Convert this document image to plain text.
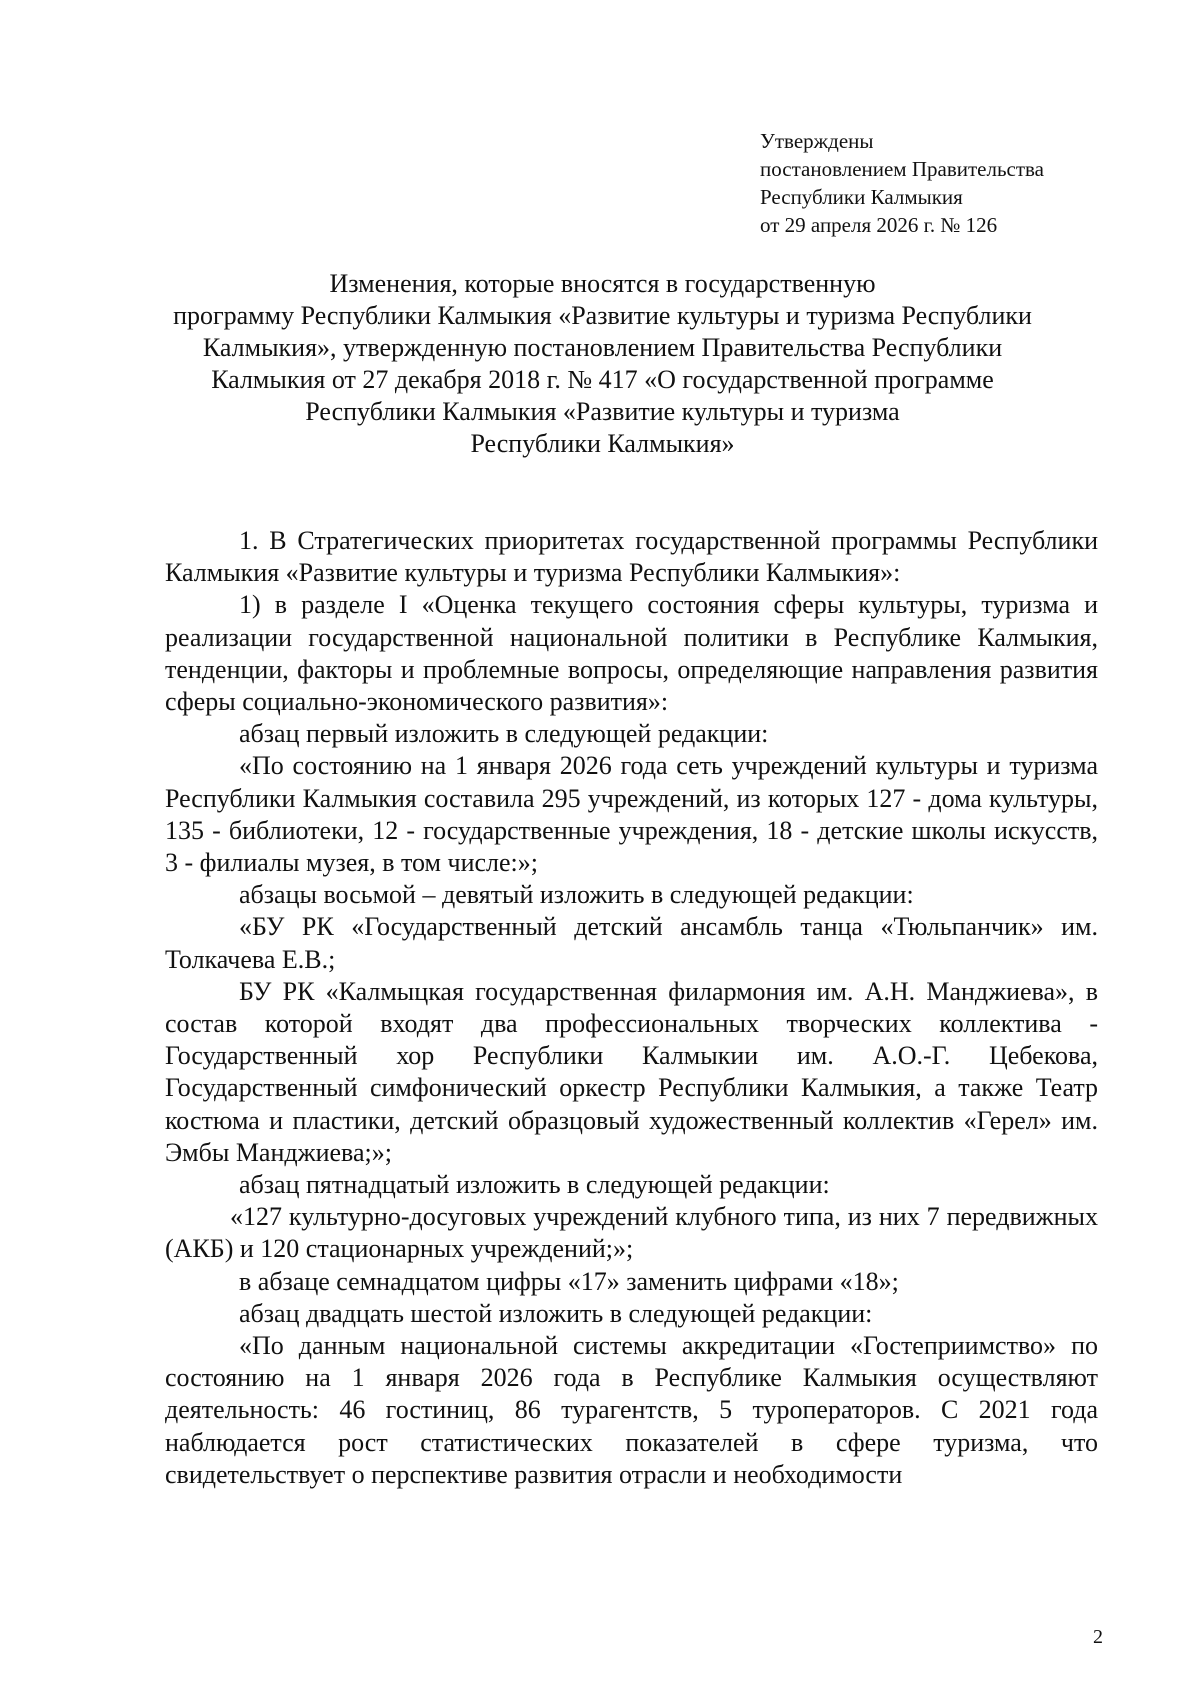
Утверждены
постановлением Правительства
Республики Калмыкия
от 29 апреля 2026 г. № 126
Изменения, которые вносятся в государственную
программу Республики Калмыкия «Развитие культуры и туризма Республики
Калмыкия», утвержденную постановлением Правительства Республики
Калмыкия от 27 декабря 2018 г. № 417 «О государственной программе
Республики Калмыкия «Развитие культуры и туризма
Республики Калмыкия»

1. В Стратегических приоритетах государственной программы Республики Калмыкия «Развитие культуры и туризма Республики Калмыкия»:

1) в разделе I «Оценка текущего состояния сферы культуры, туризма и реализации государственной национальной политики в Республике Калмыкия, тенденции, факторы и проблемные вопросы, определяющие направления развития сферы социально-экономического развития»:

абзац первый изложить в следующей редакции:

«По состоянию на 1 января 2026 года сеть учреждений культуры и туризма Республики Калмыкия составила 295 учреждений, из которых 127 - дома культуры, 135 - библиотеки, 12 - государственные учреждения, 18 - детские школы искусств, 3 - филиалы музея, в том числе:»;

абзацы восьмой – девятый изложить в следующей редакции:

«БУ РК «Государственный детский ансамбль танца «Тюльпанчик» им. Толкачева Е.В.;

БУ РК «Калмыцкая государственная филармония им. А.Н. Манджиева», в состав которой входят два профессиональных творческих коллектива - Государственный хор Республики Калмыкии им. А.О.-Г. Цебекова, Государственный симфонический оркестр Республики Калмыкия, а также Театр костюма и пластики, детский образцовый художественный коллектив «Герел» им. Эмбы Манджиева;»;

абзац пятнадцатый изложить в следующей редакции:

«127 культурно-досуговых учреждений клубного типа, из них 7 передвижных (АКБ) и 120 стационарных учреждений;»;

в абзаце семнадцатом цифры «17» заменить цифрами «18»;

абзац двадцать шестой изложить в следующей редакции:

«По данным национальной системы аккредитации «Гостеприимство» по состоянию на 1 января 2026 года в Республике Калмыкия осуществляют деятельность: 46 гостиниц, 86 турагентств, 5 туроператоров. С 2021 года наблюдается рост статистических показателей в сфере туризма, что свидетельствует о перспективе развития отрасли и необходимости

2
